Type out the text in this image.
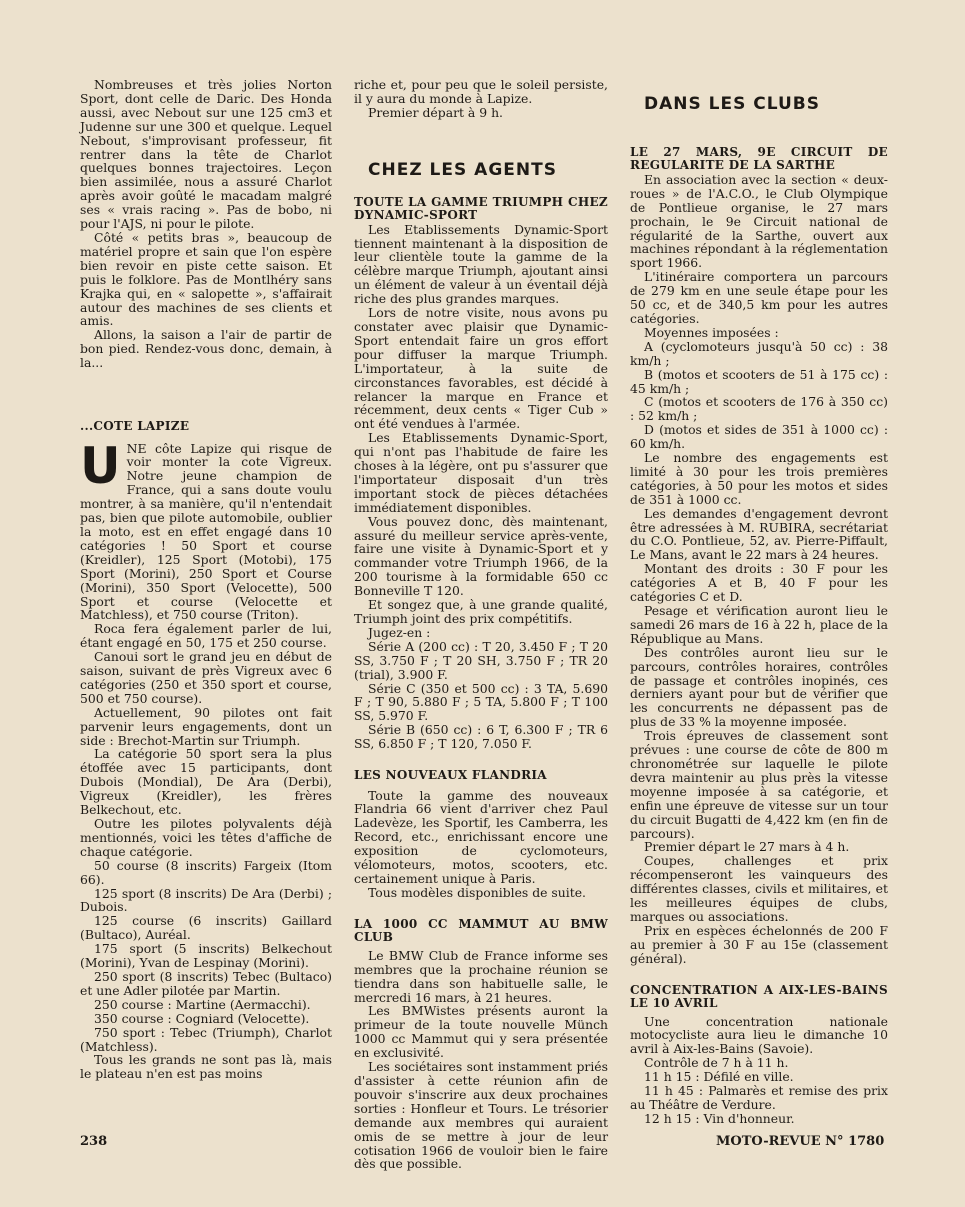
Nombreuses et très jolies Norton Sport, dont celle de Daric. Des Honda aussi, avec Nebout sur une 125 cm3 et Judenne sur une 300 et quelque. Lequel Nebout, s'improvisant professeur, fit rentrer dans la tête de Charlot quelques bonnes trajectoires. Leçon bien assimilée, nous a assuré Charlot après avoir goûté le macadam malgré ses « vrais racing ». Pas de bobo, ni pour l'AJS, ni pour le pilote.

Côté « petits bras », beaucoup de matériel propre et sain que l'on espère bien revoir en piste cette saison. Et puis le folklore. Pas de Montlhéry sans Krajka qui, en « salopette », s'affairait autour des machines de ses clients et amis.

Allons, la saison a l'air de partir de bon pied. Rendez-vous donc, demain, à la...

...COTE LAPIZE

UNE côte Lapize qui risque de voir monter la cote Vigreux. Notre jeune champion de France, qui a sans doute voulu montrer, à sa manière, qu'il n'entendait pas, bien que pilote automobile, oublier la moto, est en effet engagé dans 10 catégories ! 50 Sport et course (Kreidler), 125 Sport (Motobi), 175 Sport (Morini), 250 Sport et Course (Morini), 350 Sport (Velocette), 500 Sport et course (Velocette et Matchless), et 750 course (Triton).

Roca fera également parler de lui, étant engagé en 50, 175 et 250 course.

Canoui sort le grand jeu en début de saison, suivant de près Vigreux avec 6 catégories (250 et 350 sport et course, 500 et 750 course).

Actuellement, 90 pilotes ont fait parvenir leurs engagements, dont un side : Brechot-Martin sur Triumph.

La catégorie 50 sport sera la plus étoffée avec 15 participants, dont Dubois (Mondial), De Ara (Derbi), Vigreux (Kreidler), les frères Belkechout, etc.

Outre les pilotes polyvalents déjà mentionnés, voici les têtes d'affiche de chaque catégorie.

50 course (8 inscrits) Fargeix (Itom 66).

125 sport (8 inscrits) De Ara (Derbi) ; Dubois.

125 course (6 inscrits) Gaillard (Bultaco), Auréal.

175 sport (5 inscrits) Belkechout (Morini), Yvan de Lespinay (Morini).

250 sport (8 inscrits) Tebec (Bultaco) et une Adler pilotée par Martin.

250 course : Martine (Aermacchi).

350 course : Cogniard (Velocette).

750 sport : Tebec (Triumph), Charlot (Matchless).

Tous les grands ne sont pas là, mais le plateau n'en est pas moins

riche et, pour peu que le soleil persiste, il y aura du monde à Lapize.

Premier départ à 9 h.

CHEZ LES AGENTS

TOUTE LA GAMME TRIUMPH CHEZ DYNAMIC-SPORT

Les Etablissements Dynamic-Sport tiennent maintenant à la disposition de leur clientèle toute la gamme de la célèbre marque Triumph, ajoutant ainsi un élément de valeur à un éventail déjà riche des plus grandes marques.

Lors de notre visite, nous avons pu constater avec plaisir que Dynamic-Sport entendait faire un gros effort pour diffuser la marque Triumph. L'importateur, à la suite de circonstances favorables, est décidé à relancer la marque en France et récemment, deux cents « Tiger Cub » ont été vendues à l'armée.

Les Etablissements Dynamic-Sport, qui n'ont pas l'habitude de faire les choses à la légère, ont pu s'assurer que l'importateur disposait d'un très important stock de pièces détachées immédiatement disponibles.

Vous pouvez donc, dès maintenant, assuré du meilleur service après-vente, faire une visite à Dynamic-Sport et y commander votre Triumph 1966, de la 200 tourisme à la formidable 650 cc Bonneville T 120.

Et songez que, à une grande qualité, Triumph joint des prix compétitifs.

Jugez-en :

Série A (200 cc) : T 20, 3.450 F ; T 20 SS, 3.750 F ; T 20 SH, 3.750 F ; TR 20 (trial), 3.900 F.

Série C (350 et 500 cc) : 3 TA, 5.690 F ; T 90, 5.880 F ; 5 TA, 5.800 F ; T 100 SS, 5.970 F.

Série B (650 cc) : 6 T, 6.300 F ; TR 6 SS, 6.850 F ; T 120, 7.050 F.

LES NOUVEAUX FLANDRIA

Toute la gamme des nouveaux Flandria 66 vient d'arriver chez Paul Ladevèze, les Sportif, les Camberra, les Record, etc., enrichissant encore une exposition de cyclomoteurs, vélomoteurs, motos, scooters, etc. certainement unique à Paris.

Tous modèles disponibles de suite.

LA 1000 CC MAMMUT AU BMW CLUB

Le BMW Club de France informe ses membres que la prochaine réunion se tiendra dans son habituelle salle, le mercredi 16 mars, à 21 heures.

Les BMWistes présents auront la primeur de la toute nouvelle Münch 1000 cc Mammut qui y sera présentée en exclusivité.

Les sociétaires sont instamment priés d'assister à cette réunion afin de pouvoir s'inscrire aux deux prochaines sorties : Honfleur et Tours. Le trésorier demande aux membres qui auraient omis de se mettre à jour de leur cotisation 1966 de vouloir bien le faire dès que possible.

DANS LES CLUBS

LE 27 MARS, 9E CIRCUIT DE REGULARITE DE LA SARTHE

En association avec la section « deux-roues » de l'A.C.O., le Club Olympique de Pontlieue organise, le 27 mars prochain, le 9e Circuit national de régularité de la Sarthe, ouvert aux machines répondant à la réglementation sport 1966.

L'itinéraire comportera un parcours de 279 km en une seule étape pour les 50 cc, et de 340,5 km pour les autres catégories.

Moyennes imposées :

A (cyclomoteurs jusqu'à 50 cc) : 38 km/h ;

B (motos et scooters de 51 à 175 cc) : 45 km/h ;

C (motos et scooters de 176 à 350 cc) : 52 km/h ;

D (motos et sides de 351 à 1000 cc) : 60 km/h.

Le nombre des engagements est limité à 30 pour les trois premières catégories, à 50 pour les motos et sides de 351 à 1000 cc.

Les demandes d'engagement devront être adressées à M. RUBIRA, secrétariat du C.O. Pontlieue, 52, av. Pierre-Piffault, Le Mans, avant le 22 mars à 24 heures.

Montant des droits : 30 F pour les catégories A et B, 40 F pour les catégories C et D.

Pesage et vérification auront lieu le samedi 26 mars de 16 à 22 h, place de la République au Mans.

Des contrôles auront lieu sur le parcours, contrôles horaires, contrôles de passage et contrôles inopinés, ces derniers ayant pour but de vérifier que les concurrents ne dépassent pas de plus de 33 % la moyenne imposée.

Trois épreuves de classement sont prévues : une course de côte de 800 m chronométrée sur laquelle le pilote devra maintenir au plus près la vitesse moyenne imposée à sa catégorie, et enfin une épreuve de vitesse sur un tour du circuit Bugatti de 4,422 km (en fin de parcours).

Premier départ le 27 mars à 4 h.

Coupes, challenges et prix récompenseront les vainqueurs des différentes classes, civils et militaires, et les meilleures équipes de clubs, marques ou associations.

Prix en espèces échelonnés de 200 F au premier à 30 F au 15e (classement général).

CONCENTRATION A AIX-LES-BAINS LE 10 AVRIL

Une concentration nationale motocycliste aura lieu le dimanche 10 avril à Aix-les-Bains (Savoie).

Contrôle de 7 h à 11 h.

11 h 15 : Défilé en ville.

11 h 45 : Palmarès et remise des prix au Théâtre de Verdure.

12 h 15 : Vin d'honneur.

238	MOTO-REVUE N° 1780
